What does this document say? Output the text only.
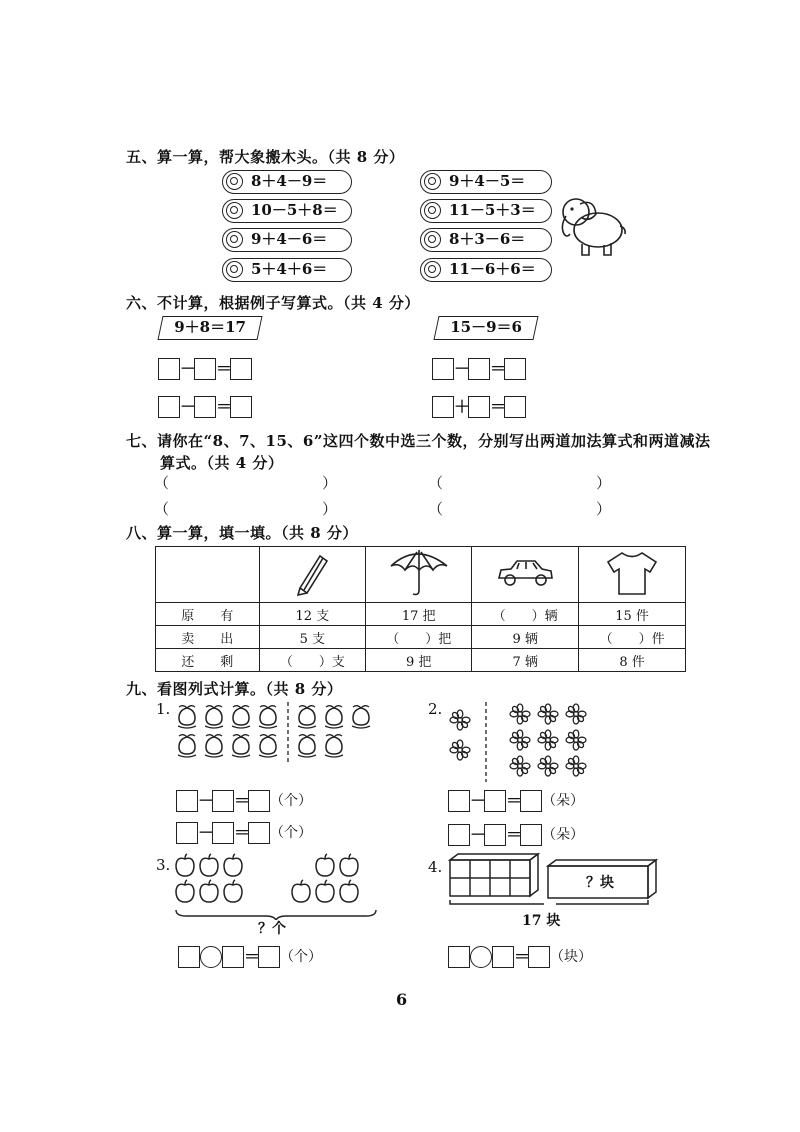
五、算一算，帮大象搬木头。（共 8 分）
8＋4－9＝
10－5＋8＝
9＋4－6＝
5＋4＋6＝
9＋4－5＝
11－5＋3＝
8＋3－6＝
11－6＋6＝
六、不计算，根据例子写算式。（共 4 分）
9＋8＝17	15－9＝6
－ ＝
－ ＝
－ ＝
＋ ＝
七、请你在“8、7、15、6”这四个数中选三个数，分别写出两道加法算式和两道减法
算式。（共 4 分）
（	）	（	）
（	）	（	）
八、算一算，填一填。（共 8 分）

原　　有	12 支	17 把	（　　）辆	15 件
卖　　出	5 支	（　　）把	9 辆	（　　）件
还　　剩	（　　）支	9 把	7 辆	8 件
九、看图列式计算。（共 8 分）
1.
－ ＝ （个）
－ ＝ （个）
2.
－ ＝ （朵）
－ ＝ （朵）
3.
？个
＝ （个）
4.
？块
17 块
＝ （块）
6
